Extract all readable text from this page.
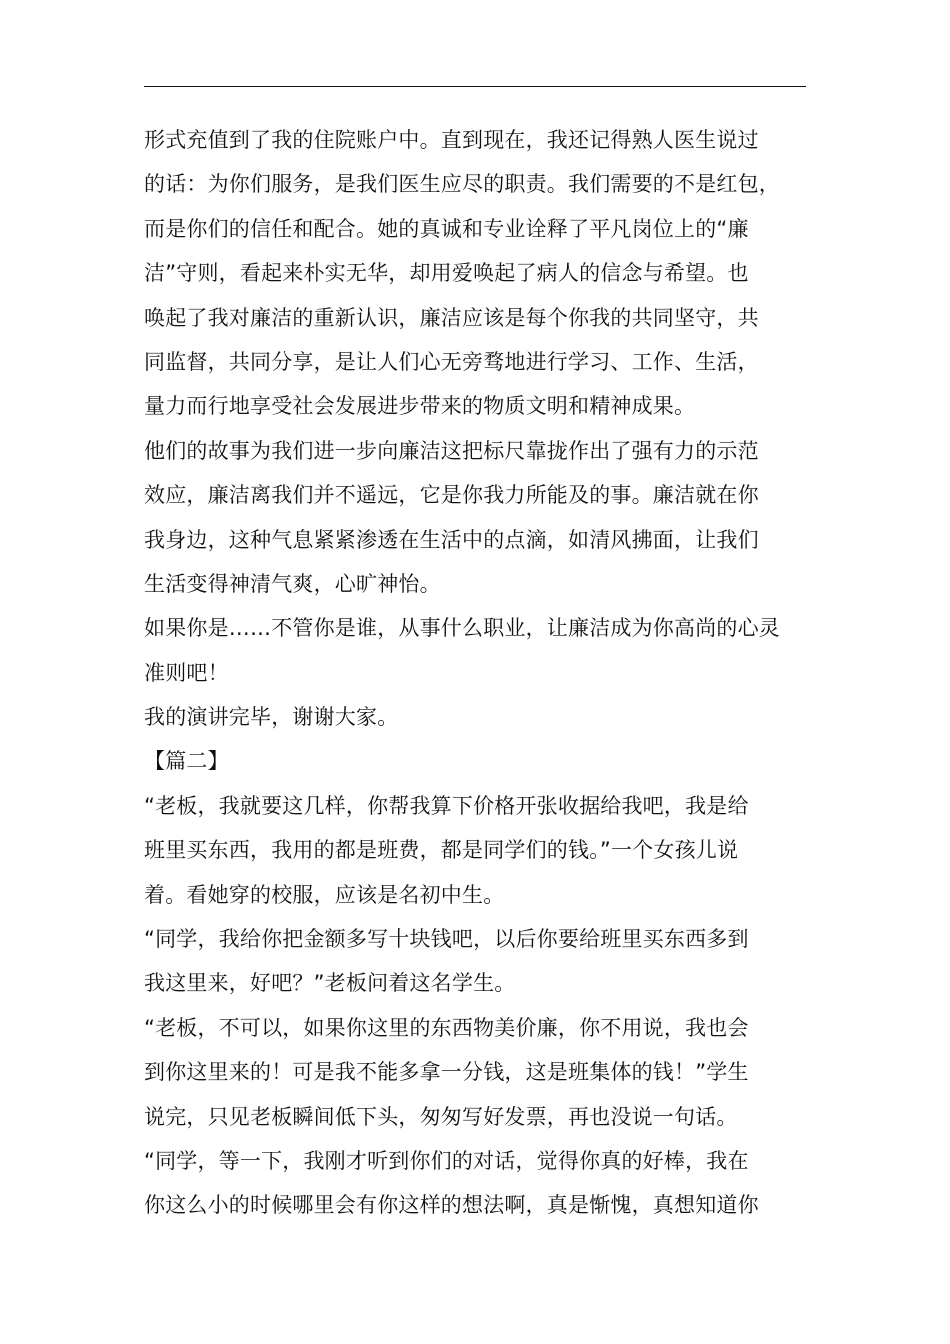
形式充值到了我的住院账户中。直到现在，我还记得熟人医生说过
的话：为你们服务，是我们医生应尽的职责。我们需要的不是红包，
而是你们的信任和配合。她的真诚和专业诠释了平凡岗位上的“廉
洁”守则，看起来朴实无华，却用爱唤起了病人的信念与希望。也
唤起了我对廉洁的重新认识，廉洁应该是每个你我的共同坚守，共
同监督，共同分享，是让人们心无旁骛地进行学习、工作、生活，
量力而行地享受社会发展进步带来的物质文明和精神成果。
他们的故事为我们进一步向廉洁这把标尺靠拢作出了强有力的示范
效应，廉洁离我们并不遥远，它是你我力所能及的事。廉洁就在你
我身边，这种气息紧紧渗透在生活中的点滴，如清风拂面，让我们
生活变得神清气爽，心旷神怡。
如果你是……不管你是谁，从事什么职业，让廉洁成为你高尚的心灵
准则吧！
我的演讲完毕，谢谢大家。
【篇二】
“老板，我就要这几样，你帮我算下价格开张收据给我吧，我是给
班里买东西，我用的都是班费，都是同学们的钱。”一个女孩儿说
着。看她穿的校服，应该是名初中生。
“同学，我给你把金额多写十块钱吧，以后你要给班里买东西多到
我这里来，好吧？”老板问着这名学生。
“老板，不可以，如果你这里的东西物美价廉，你不用说，我也会
到你这里来的！可是我不能多拿一分钱，这是班集体的钱！”学生
说完，只见老板瞬间低下头，匆匆写好发票，再也没说一句话。
“同学，等一下，我刚才听到你们的对话，觉得你真的好棒，我在
你这么小的时候哪里会有你这样的想法啊，真是惭愧，真想知道你
